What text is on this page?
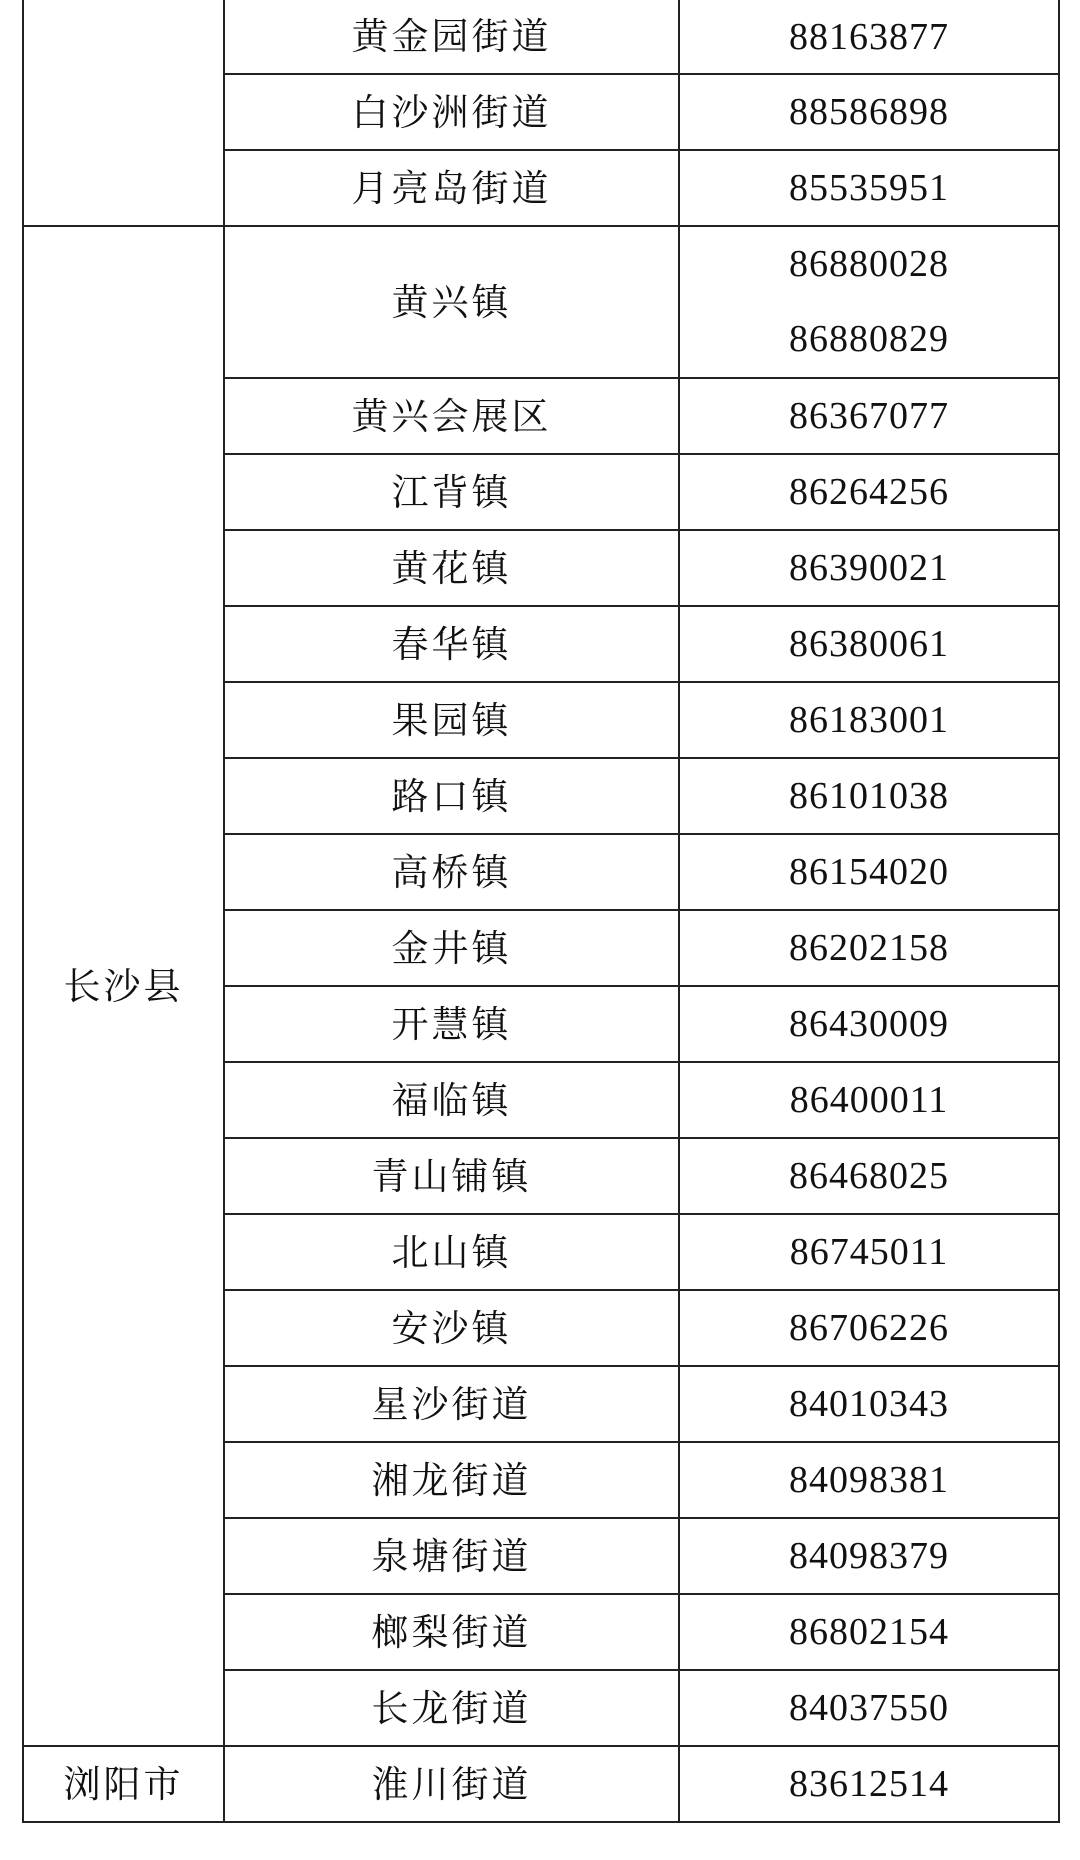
	黄金园街道	88163877
	白沙洲街道	88586898
	月亮岛街道	85535951
长沙县	黄兴镇	86880028
86880829

	黄兴会展区	86367077
	江背镇	86264256
	黄花镇	86390021
	春华镇	86380061
	果园镇	86183001
	路口镇	86101038
	高桥镇	86154020
	金井镇	86202158
	开慧镇	86430009
	福临镇	86400011
	青山铺镇	86468025
	北山镇	86745011
	安沙镇	86706226
	星沙街道	84010343
	湘龙街道	84098381
	泉塘街道	84098379
	榔梨街道	86802154
	长龙街道	84037550
浏阳市	淮川街道	83612514
